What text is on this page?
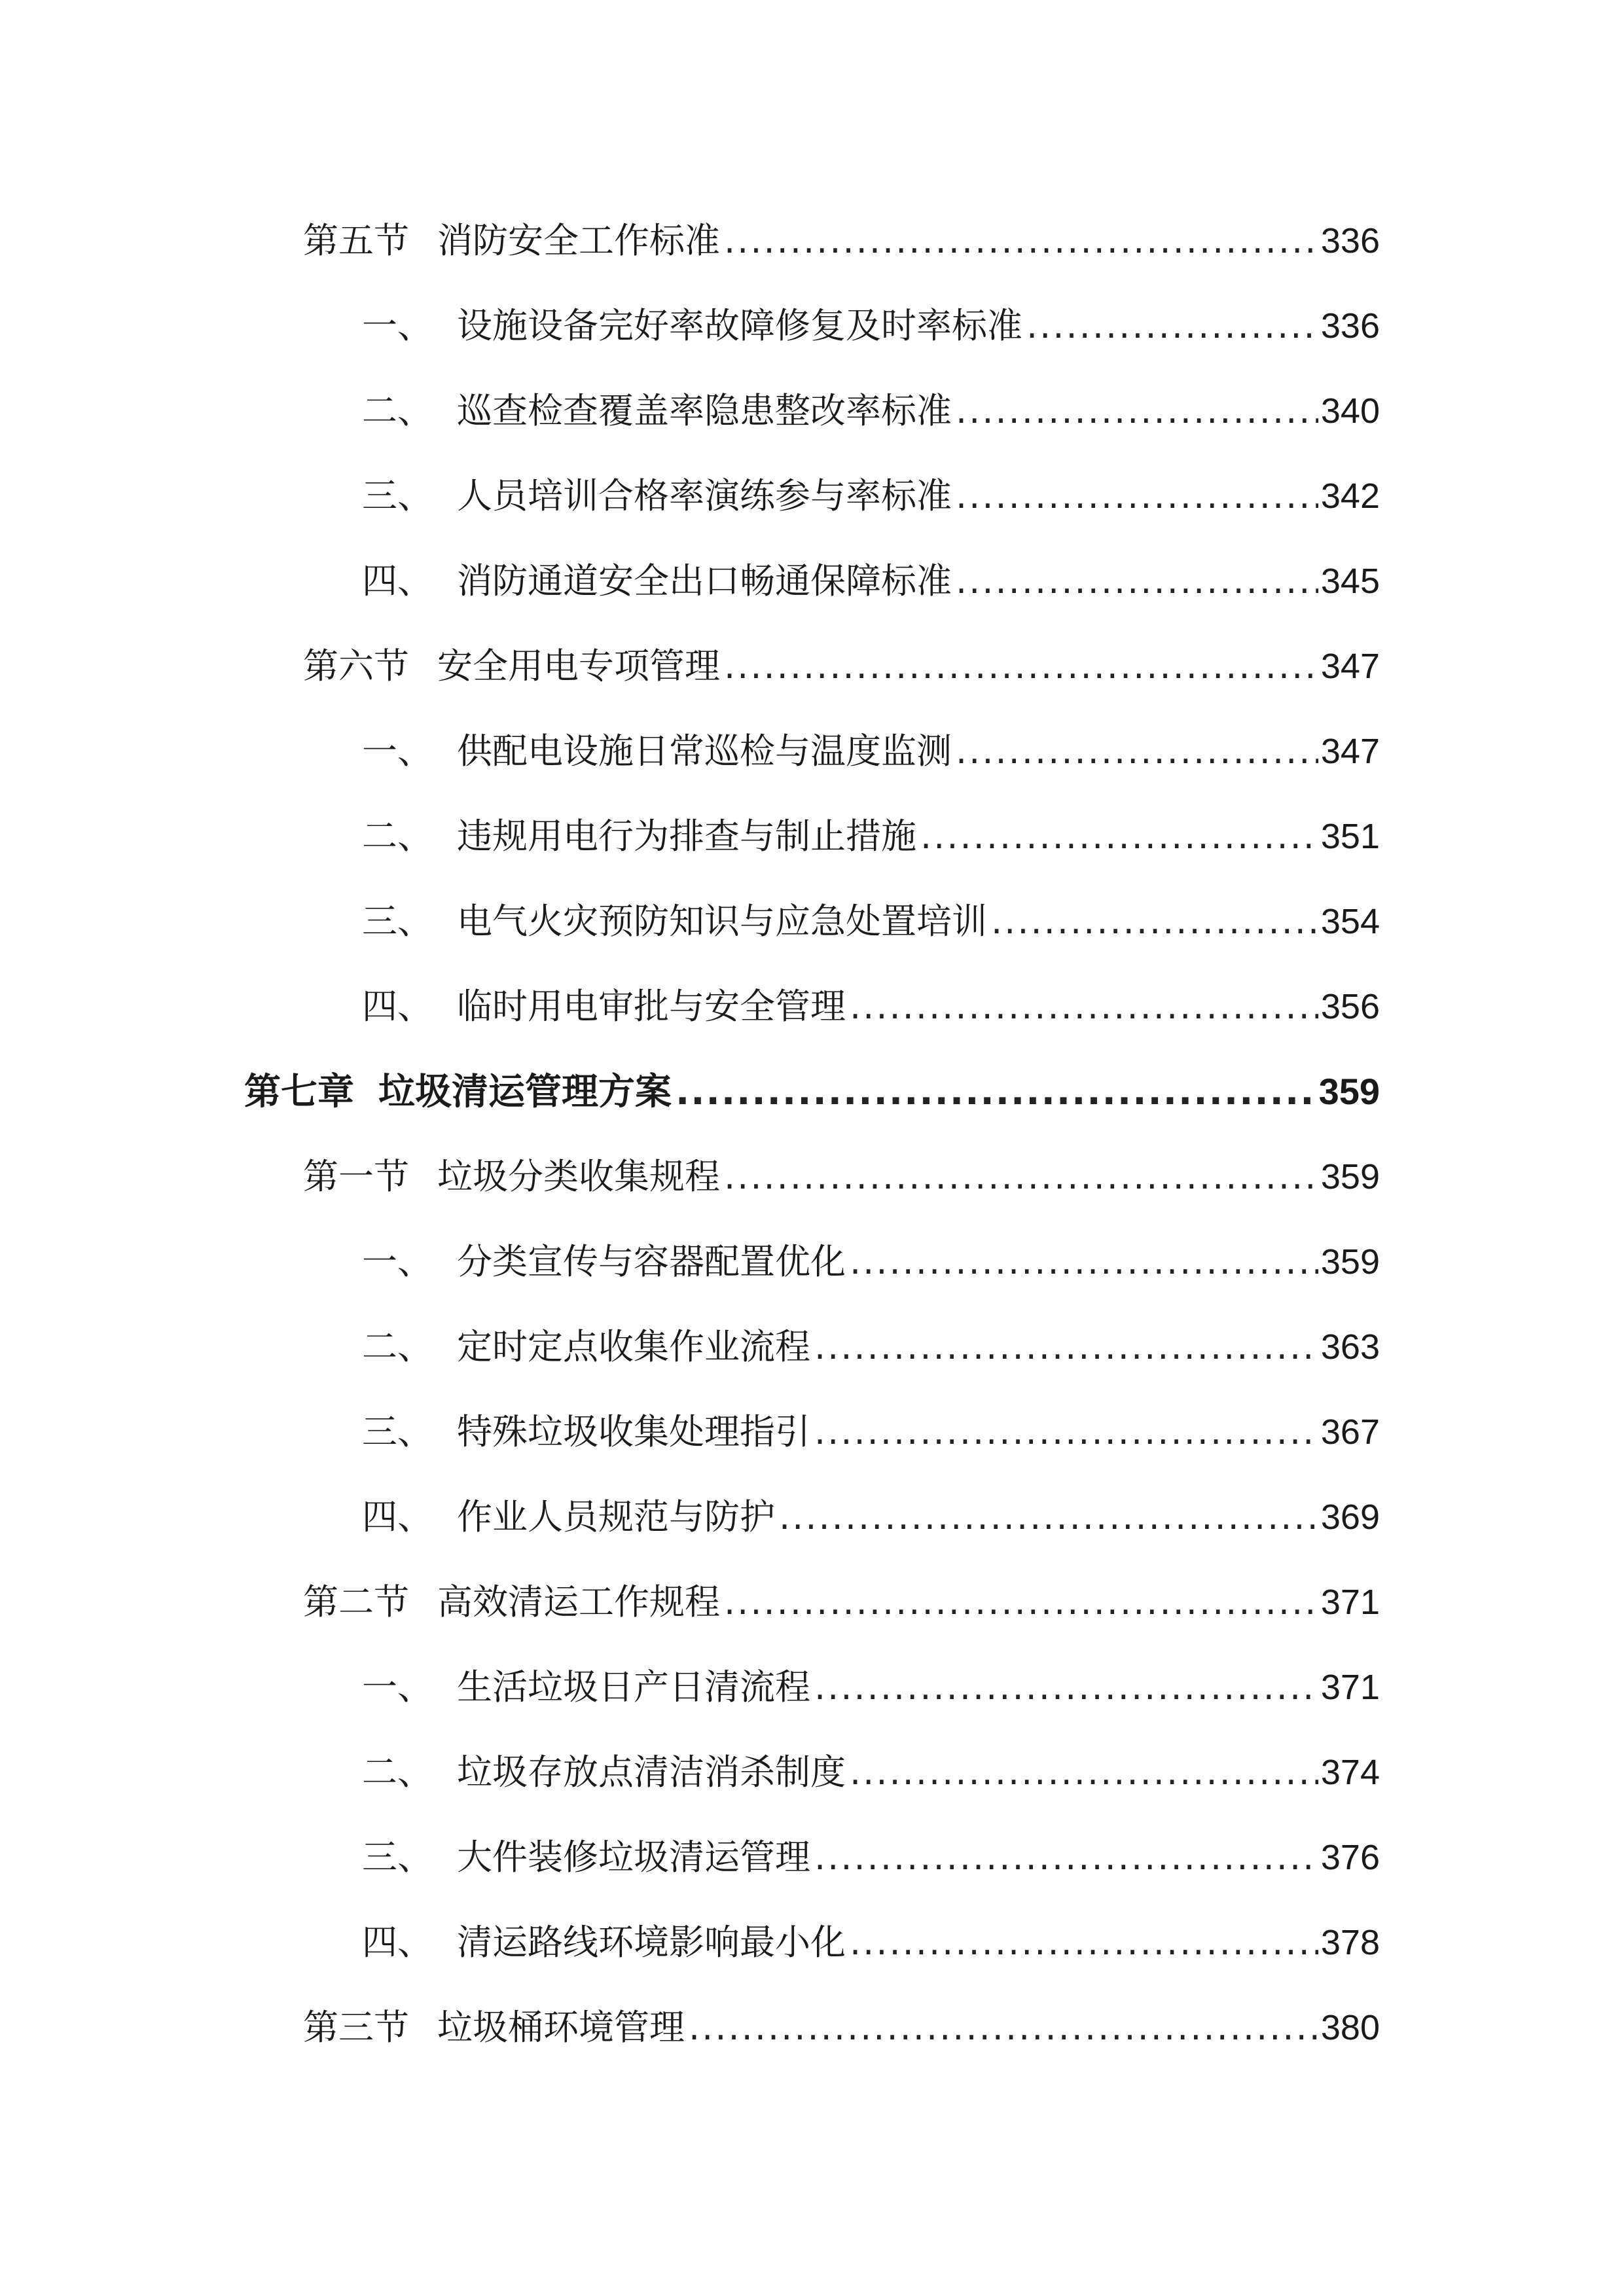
第五节 消防安全工作标准 .....	336
一、 设施设备完好率故障修复及时率标准 .....	336
二、 巡查检查覆盖率隐患整改率标准 .....	340
三、 人员培训合格率演练参与率标准 .....	342
四、 消防通道安全出口畅通保障标准 .....	345
第六节 安全用电专项管理 .....	347
一、 供配电设施日常巡检与温度监测 .....	347
二、 违规用电行为排查与制止措施 .....	351
三、 电气火灾预防知识与应急处置培训 .....	354
四、 临时用电审批与安全管理 .....	356
第七章 垃圾清运管理方案 .....	359
第一节 垃圾分类收集规程 .....	359
一、 分类宣传与容器配置优化 .....	359
二、 定时定点收集作业流程 .....	363
三、 特殊垃圾收集处理指引 .....	367
四、 作业人员规范与防护 .....	369
第二节 高效清运工作规程 .....	371
一、 生活垃圾日产日清流程 .....	371
二、 垃圾存放点清洁消杀制度 .....	374
三、 大件装修垃圾清运管理 .....	376
四、 清运路线环境影响最小化 .....	378
第三节 垃圾桶环境管理 .....	380
